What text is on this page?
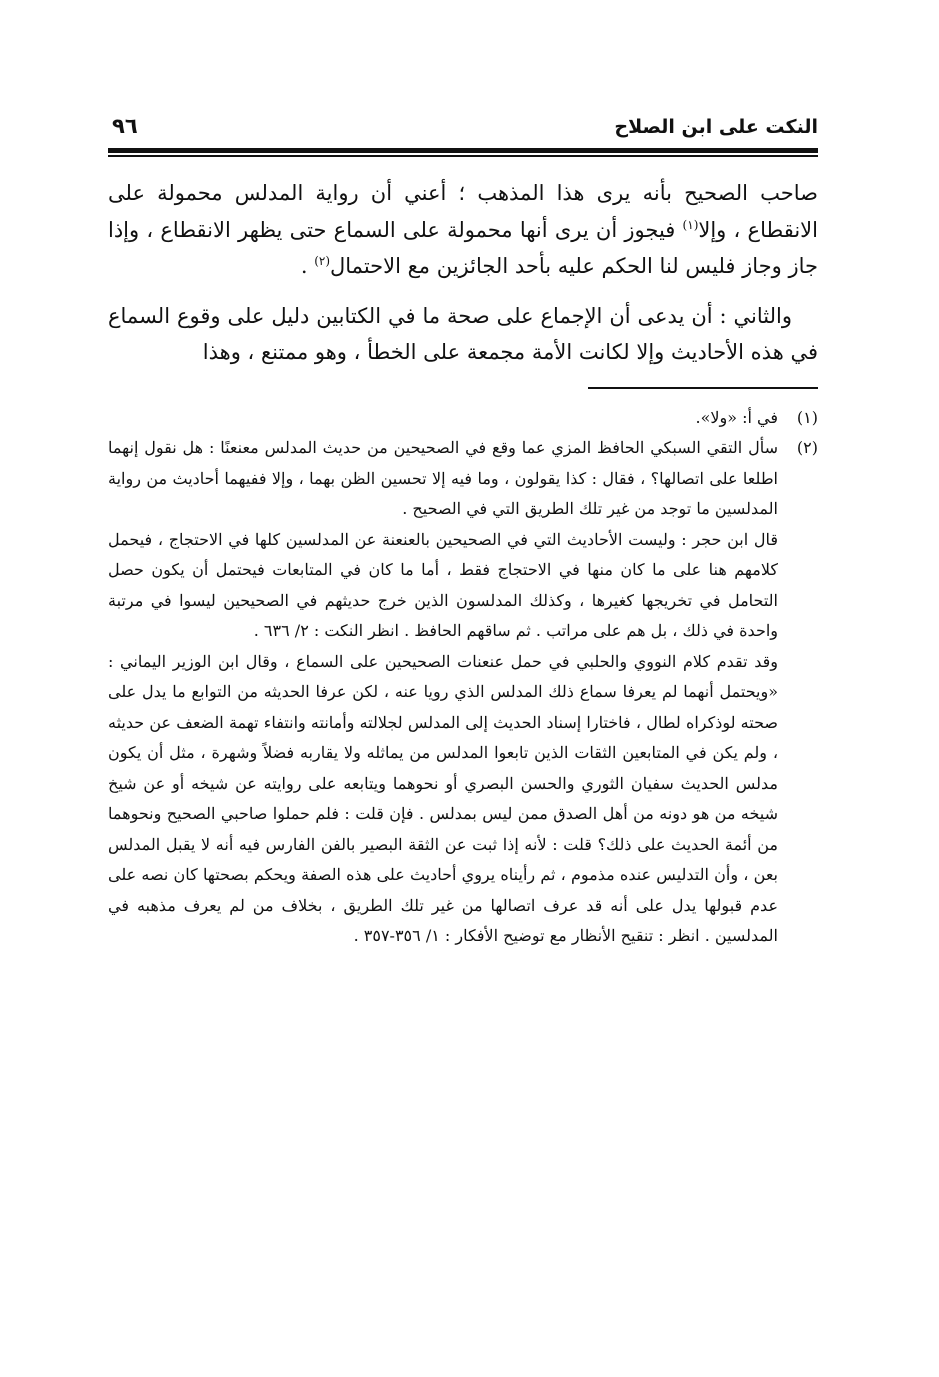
النكت على ابن الصلاح
٩٦

صاحب الصحيح بأنه يرى هذا المذهب ؛ أعني أن رواية المدلس محمولة على الانقطاع ، وإلا$^{(١)}$ فيجوز أن يرى أنها محمولة على السماع حتى يظهر الانقطاع ، وإذا جاز وجاز فليس لنا الحكم عليه بأحد الجائزين مع الاحتمال$^{(٢)}$ .

والثاني : أن يدعى أن الإجماع على صحة ما في الكتابين دليل على وقوع السماع في هذه الأحاديث وإلا لكانت الأمة مجمعة على الخطأ ، وهو ممتنع ، وهذا

(١)

في أ: «ولا».

(٢)

سأل التقي السبكي الحافظ المزي عما وقع في الصحيحين من حديث المدلس معنعنًا : هل نقول إنهما اطلعا على اتصالها؟ ، فقال : كذا يقولون ، وما فيه إلا تحسين الظن بهما ، وإلا ففيهما أحاديث من رواية المدلسين ما توجد من غير تلك الطريق التي في الصحيح .

قال ابن حجر : وليست الأحاديث التي في الصحيحين بالعنعنة عن المدلسين كلها في الاحتجاج ، فيحمل كلامهم هنا على ما كان منها في الاحتجاج فقط ، أما ما كان في المتابعات فيحتمل أن يكون حصل التحامل في تخريجها كغيرها ، وكذلك المدلسون الذين خرج حديثهم في الصحيحين ليسوا في مرتبة واحدة في ذلك ، بل هم على مراتب . ثم ساقهم الحافظ . انظر النكت : ٢/ ٦٣٦ .

وقد تقدم كلام النووي والحلبي في حمل عنعنات الصحيحين على السماع ، وقال ابن الوزير اليماني : «ويحتمل أنهما لم يعرفا سماع ذلك المدلس الذي رويا عنه ، لكن عرفا الحديثه من التوابع ما يدل على صحته لوذكراه لطال ، فاختارا إسناد الحديث إلى المدلس لجلالته وأمانته وانتفاء تهمة الضعف عن حديثه ، ولم يكن في المتابعين الثقات الذين تابعوا المدلس من يماثله ولا يقاربه فضلاً وشهرة ، مثل أن يكون مدلس الحديث سفيان الثوري والحسن البصري أو نحوهما ويتابعه على روايته عن شيخه أو عن شيخ شيخه من هو دونه من أهل الصدق ممن ليس بمدلس . فإن قلت : فلم حملوا صاحبي الصحيح ونحوهما من أئمة الحديث على ذلك؟ قلت : لأنه إذا ثبت عن الثقة البصير بالفن الفارس فيه أنه لا يقبل المدلس بعن ، وأن التدليس عنده مذموم ، ثم رأيناه يروي أحاديث على هذه الصفة ويحكم بصحتها كان نصه على عدم قبولها يدل على أنه قد عرف اتصالها من غير تلك الطريق ، بخلاف من لم يعرف مذهبه في المدلسين . انظر : تنقيح الأنظار مع توضيح الأفكار : ١/ ٣٥٦-٣٥٧ .
